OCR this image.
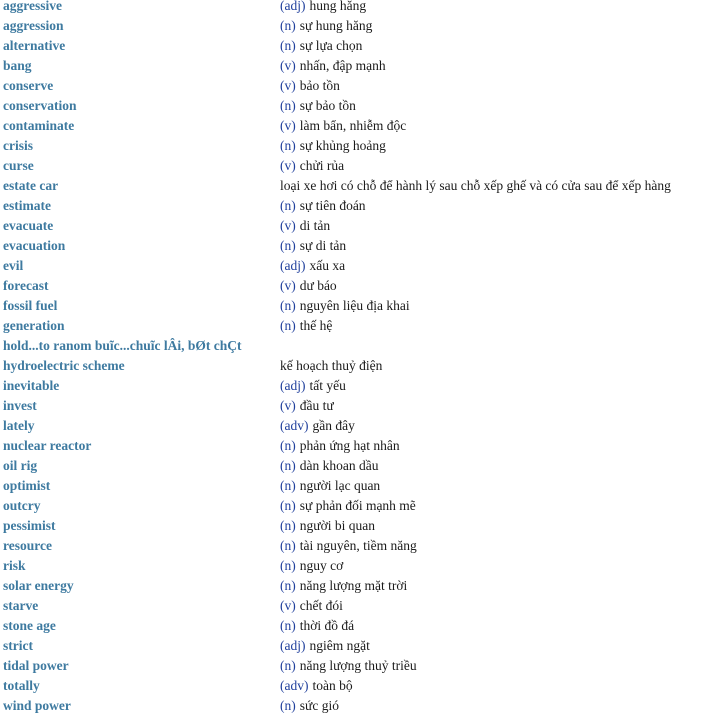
aggressive	(adj) hung hăng
aggression	(n) sự hung hăng
alternative	(n) sự lựa chọn
bang	(v) nhấn, đập mạnh
conserve	(v) bảo tồn
conservation	(n) sự bảo tồn
contaminate	(v) làm bẩn, nhiễm độc
crisis	(n) sự khủng hoảng
curse	(v) chửi rủa
estate car	loại xe hơi có chỗ để hành lý sau chỗ xếp ghế và có cửa sau để xếp hàng
estimate	(n) sự tiên đoán
evacuate	(v) di tản
evacuation	(n) sự di tản
evil	(adj) xấu xa
forecast	(v) dư báo
fossil fuel	(n) nguyên liệu địa khai
generation	(n) thế hệ
hold...to ranom buĩc...chuĩc lÂi, bØt chÇt
hydroelectric scheme	kế hoạch thuỷ điện
inevitable	(adj) tất yếu
invest	(v) đầu tư
lately	(adv) gần đây
nuclear reactor	(n) phản ứng hạt nhân
oil rig	(n) dàn khoan dầu
optimist	(n) người lạc quan
outcry	(n) sự phản đối mạnh mẽ
pessimist	(n) người bi quan
resource	(n) tài nguyên, tiềm năng
risk	(n) nguy cơ
solar energy	(n) năng lượng mặt trời
starve	(v) chết đói
stone age	(n) thời đồ đá
strict	(adj) ngiêm ngặt
tidal power	(n) năng lượng thuỷ triều
totally	(adv) toàn bộ
wind power	(n) sức gió
